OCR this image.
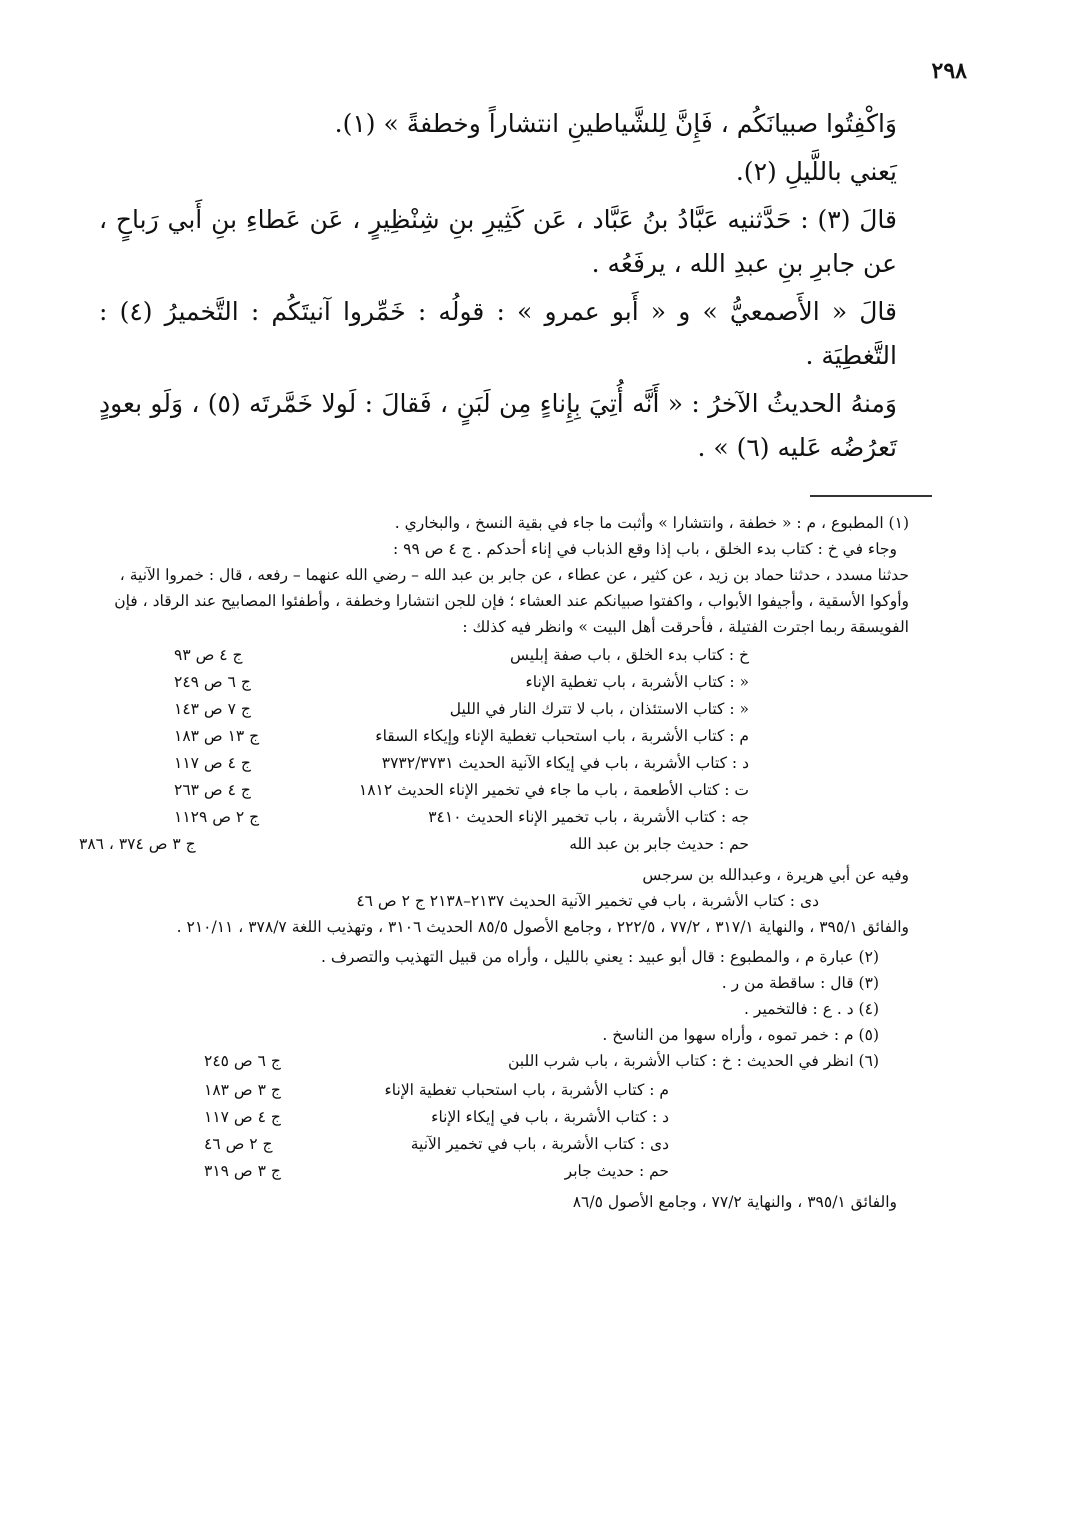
٢٩٨

وَاكْفِتُوا صبيانَكُم ، فَإِنَّ لِلشَّياطينِ انتشاراً وخطفةً » (١).

يَعني باللَّيلِ (٢).

قالَ (٣) : حَدَّثنيه عَبَّادُ بنُ عَبَّاد ، عَن كَثِيرِ بنِ شِنْظِيرٍ ، عَن عَطاءِ بنِ أَبي رَباحٍ ، عن جابرِ بنِ عبدِ الله ، يرفَعُه .

قالَ « الأَصمعيُّ » و « أَبو عمرو » : قولُه : خَمِّروا آنيتَكُم : التَّخميرُ (٤) : التَّغطِيَة .

وَمنهُ الحديثُ الآخرُ : « أَنَّه أُتِيَ بِإِناءٍ مِن لَبَنٍ ، فَقالَ : لَولا خَمَّرتَه (٥) ، وَلَو بعودٍ تَعرُضُه عَليه (٦) » .

(١) المطبوع ، م : « خطفة ، وانتشارا » وأثبت ما جاء في بقية النسخ ، والبخاري .

وجاء في خ : كتاب بدء الخلق ، باب إذا وقع الذباب في إناء أحدكم . ج ٤ ص ٩٩ :

حدثنا مسدد ، حدثنا حماد بن زيد ، عن كثير ، عن عطاء ، عن جابر بن عبد الله – رضي الله عنهما – رفعه ، قال : خمروا الآنية ، وأوكوا الأسقية ، وأجيفوا الأبواب ، واكفتوا صبيانكم عند العشاء ؛ فإن للجن انتشارا وخطفة ، وأطفئوا المصابيح عند الرقاد ، فإن الفويسقة ربما اجترت الفتيلة ، فأحرقت أهل البيت » وانظر فيه كذلك :

خ : كتاب بدء الخلق ، باب صفة إبليس
ج ٤ ص ٩٣
« : كتاب الأشربة ، باب تغطية الإناء
ج ٦ ص ٢٤٩
« : كتاب الاستئذان ، باب لا تترك النار في الليل
ج ٧ ص ١٤٣
م : كتاب الأشربة ، باب استحباب تغطية الإناء وإيكاء السقاء
ج ١٣ ص ١٨٣
د : كتاب الأشربة ، باب في إيكاء الآنية الحديث ٣٧٣٢/٣٧٣١
ج ٤ ص ١١٧
ت : كتاب الأطعمة ، باب ما جاء في تخمير الإناء الحديث ١٨١٢
ج ٤ ص ٢٦٣
جه : كتاب الأشربة ، باب تخمير الإناء الحديث ٣٤١٠
ج ٢ ص ١١٢٩
حم : حديث جابر بن عبد الله
ج ٣ ص ٣٧٤ ، ٣٨٦

وفيه عن أبي هريرة ، وعبدالله بن سرجس

دى : كتاب الأشربة ، باب في تخمير الآنية الحديث ٢١٣٧–٢١٣٨ ج ٢ ص ٤٦

والفائق ٣٩٥/١ ، والنهاية ٣١٧/١ ، ٧٧/٢ ، ٢٢٢/٥ ، وجامع الأصول ٨٥/٥ الحديث ٣١٠٦ ، وتهذيب اللغة ٣٧٨/٧ ، ٢١٠/١١ .

(٢) عبارة م ، والمطبوع : قال أبو عبيد : يعني بالليل ، وأراه من قبيل التهذيب والتصرف .

(٣) قال : ساقطة من ر .

(٤) د . ع : فالتخمير .

(٥) م : خمر تموه ، وأراه سهوا من الناسخ .

(٦) انظر في الحديث : خ : كتاب الأشربة ، باب شرب اللبن
ج ٦ ص ٢٤٥
م : كتاب الأشربة ، باب استحباب تغطية الإناء
ج ٣ ص ١٨٣
د : كتاب الأشربة ، باب في إيكاء الإناء
ج ٤ ص ١١٧
دى : كتاب الأشربة ، باب في تخمير الآنية
ج ٢ ص ٤٦
حم : حديث جابر
ج ٣ ص ٣١٩

والفائق ٣٩٥/١ ، والنهاية ٧٧/٢ ، وجامع الأصول ٨٦/٥
